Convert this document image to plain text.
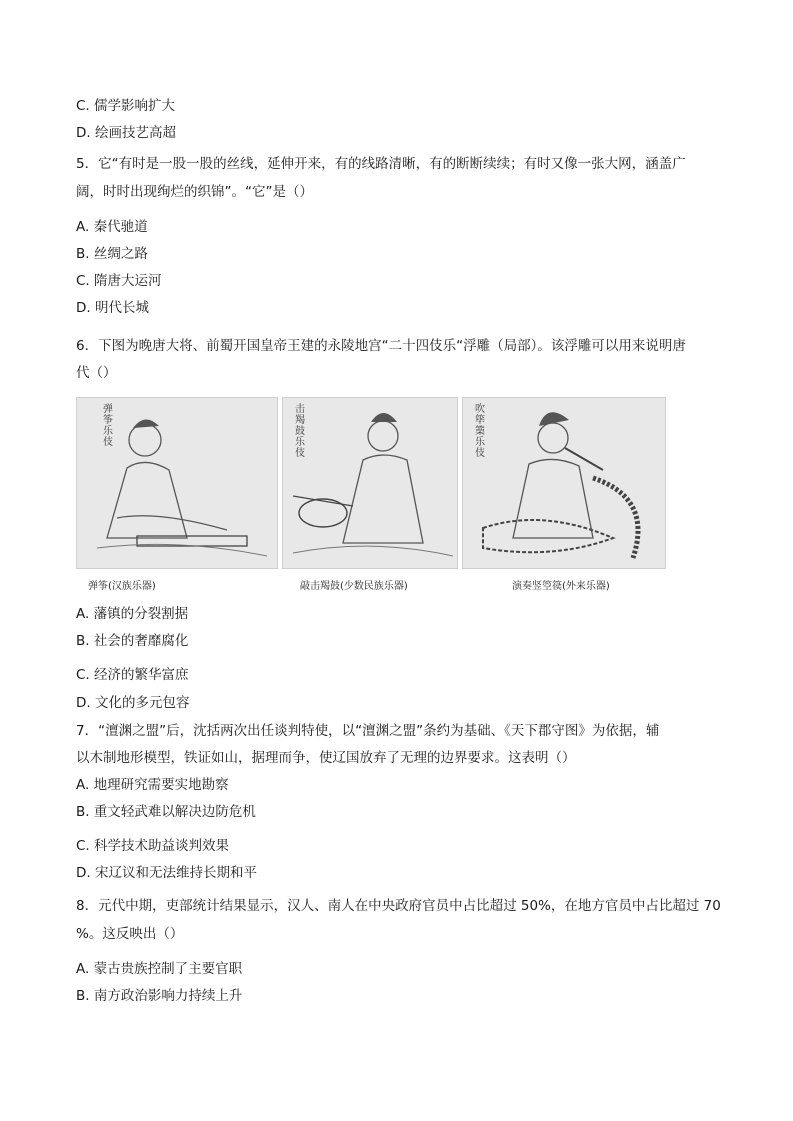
C. 儒学影响扩大
D. 绘画技艺高超
5．它“有时是一股一股的丝线，延伸开来，有的线路清晰，有的断断续续；有时又像一张大网，涵盖广
阔，时时出现绚烂的织锦”。“它”是（）
A. 秦代驰道
B. 丝绸之路
C. 隋唐大运河
D. 明代长城
6．下图为晚唐大将、前蜀开国皇帝王建的永陵地宫“二十四伎乐“浮雕（局部）。该浮雕可以用来说明唐
代（）
弹筝乐伎
击羯鼓乐伎
吹筚篥乐伎
弹筝(汉族乐器)	敲击羯鼓(少数民族乐器)	演奏竖箜篌(外来乐器)
A. 藩镇的分裂割据
B. 社会的奢靡腐化
C. 经济的繁华富庶
D. 文化的多元包容
7．“澶渊之盟”后，沈括两次出任谈判特使，以“澶渊之盟”条约为基础、《天下郡守图》为依据，辅
以木制地形模型，铁证如山，据理而争，使辽国放弃了无理的边界要求。这表明（）
A. 地理研究需要实地勘察
B. 重文轻武难以解决边防危机
C. 科学技术助益谈判效果
D. 宋辽议和无法维持长期和平
8．元代中期，吏部统计结果显示，汉人、南人在中央政府官员中占比超过 50%，在地方官员中占比超过 70
%。这反映出（）
A. 蒙古贵族控制了主要官职
B. 南方政治影响力持续上升
